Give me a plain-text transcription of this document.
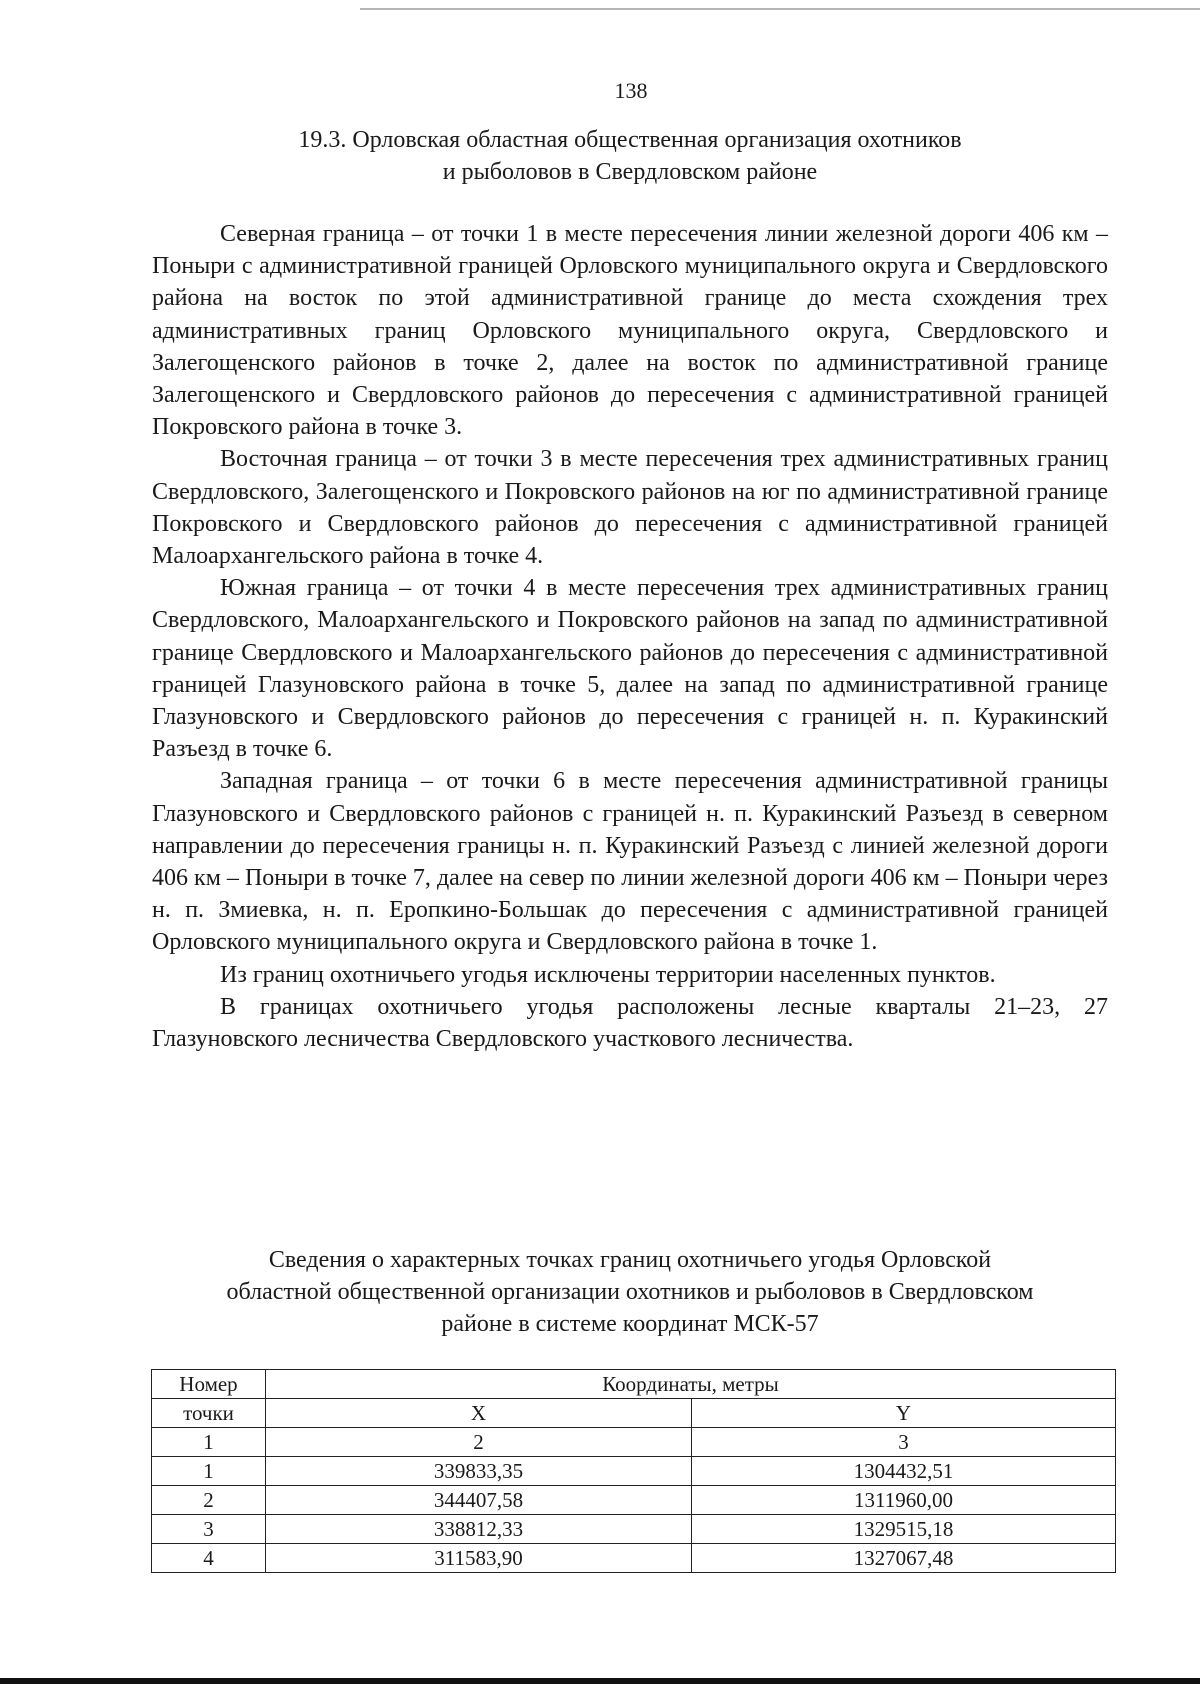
138
19.3. Орловская областная общественная организация охотников
и рыболовов в Свердловском районе

Северная граница – от точки 1 в месте пересечения линии железной дороги 406 км – Поныри с административной границей Орловского муниципального округа и Свердловского района на восток по этой административной границе до места схождения трех административных границ Орловского муниципального округа, Свердловского и Залегощенского районов в точке 2, далее на восток по административной границе Залегощенского и Свердловского районов до пересечения с административной границей Покровского района в точке 3.

Восточная граница – от точки 3 в месте пересечения трех административных границ Свердловского, Залегощенского и Покровского районов на юг по административной границе Покровского и Свердловского районов до пересечения с административной границей Малоархангельского района в точке 4.

Южная граница – от точки 4 в месте пересечения трех административных границ Свердловского, Малоархангельского и Покровского районов на запад по административной границе Свердловского и Малоархангельского районов до пересечения с административной границей Глазуновского района в точке 5, далее на запад по административной границе Глазуновского и Свердловского районов до пересечения с границей н. п. Куракинский Разъезд в точке 6.

Западная граница – от точки 6 в месте пересечения административной границы Глазуновского и Свердловского районов с границей н. п. Куракинский Разъезд в северном направлении до пересечения границы н. п. Куракинский Разъезд с линией железной дороги 406 км – Поныри в точке 7, далее на север по линии железной дороги 406 км – Поныри через н. п. Змиевка, н. п. Еропкино-Большак до пересечения с административной границей Орловского муниципального округа и Свердловского района в точке 1.

Из границ охотничьего угодья исключены территории населенных пунктов.

В границах охотничьего угодья расположены лесные кварталы 21–23, 27 Глазуновского лесничества Свердловского участкового лесничества.

Сведения о характерных точках границ охотничьего угодья Орловской
областной общественной организации охотников и рыболовов в Свердловском
районе в системе координат МСК-57
Номер	Координаты, метры	
точки	X	Y
1	2	3
1	339833,35	1304432,51
2	344407,58	1311960,00
3	338812,33	1329515,18
4	311583,90	1327067,48
